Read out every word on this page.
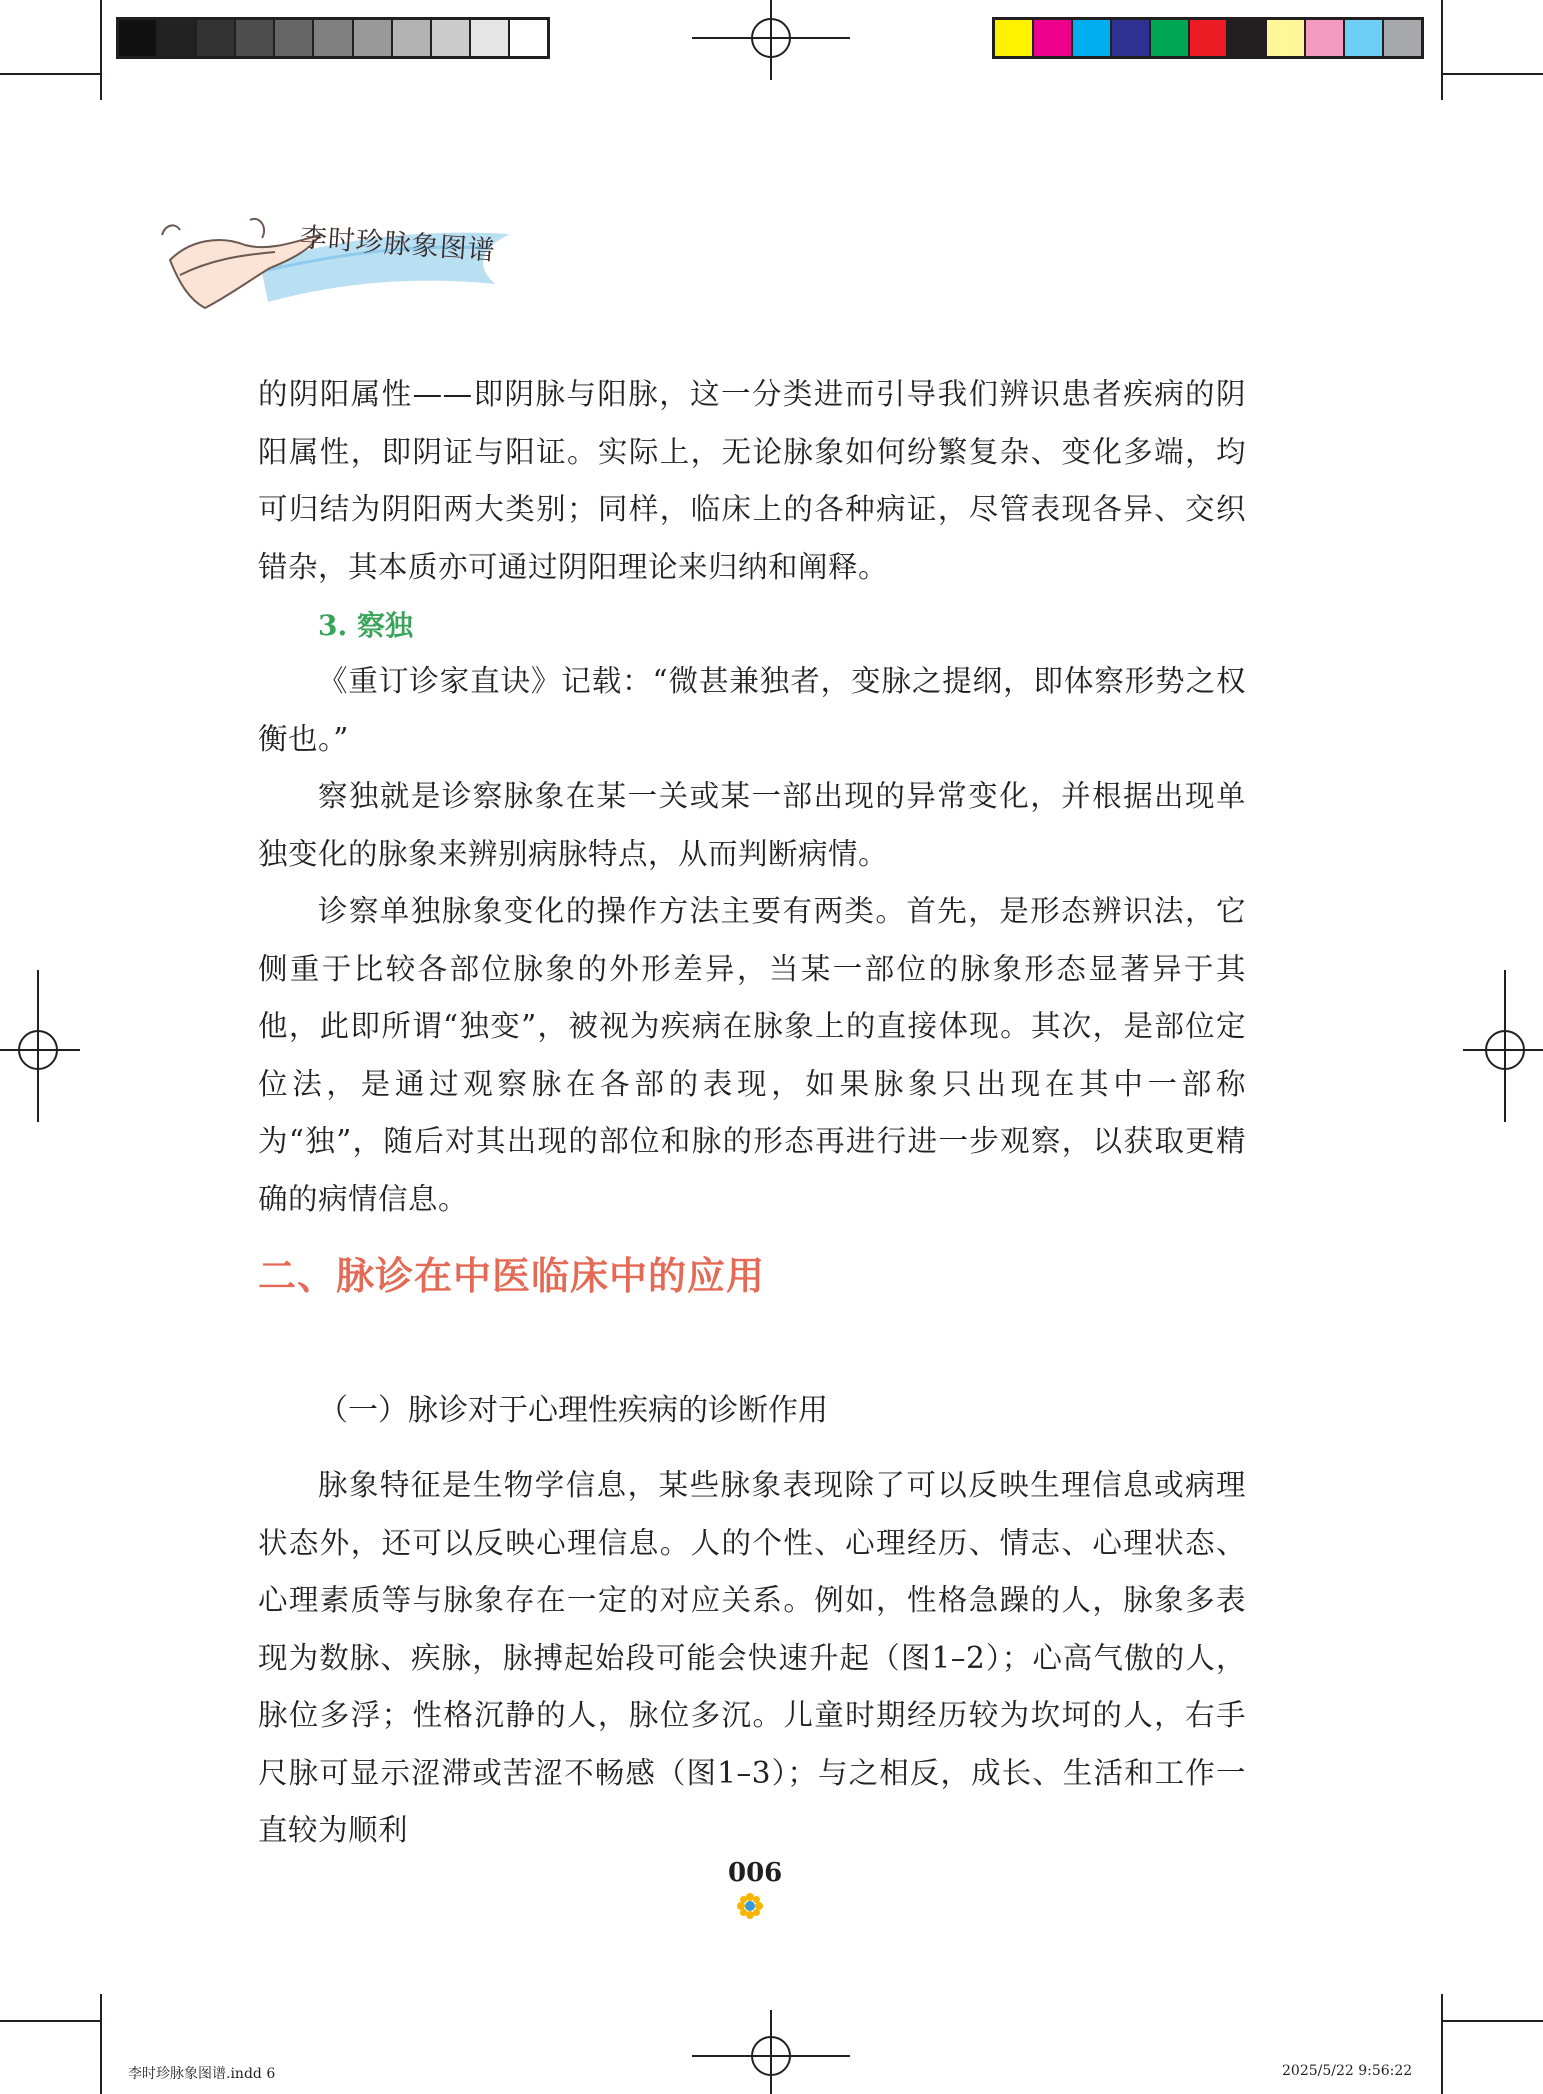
李时珍脉象图谱

的阴阳属性——即阴脉与阳脉，这一分类进而引导我们辨识患者疾病的阴阳属性，即阴证与阳证。实际上，无论脉象如何纷繁复杂、变化多端，均可归结为阴阳两大类别；同样，临床上的各种病证，尽管表现各异、交织错杂，其本质亦可通过阴阳理论来归纳和阐释。

3. 察独

《重订诊家直诀》记载：“微甚兼独者，变脉之提纲，即体察形势之权衡也。”

察独就是诊察脉象在某一关或某一部出现的异常变化，并根据出现单独变化的脉象来辨别病脉特点，从而判断病情。

诊察单独脉象变化的操作方法主要有两类。首先，是形态辨识法，它侧重于比较各部位脉象的外形差异，当某一部位的脉象形态显著异于其他，此即所谓“独变”，被视为疾病在脉象上的直接体现。其次，是部位定位法，是通过观察脉在各部的表现，如果脉象只出现在其中一部称为“独”，随后对其出现的部位和脉的形态再进行进一步观察，以获取更精确的病情信息。

二、脉诊在中医临床中的应用
（一）脉诊对于心理性疾病的诊断作用

脉象特征是生物学信息，某些脉象表现除了可以反映生理信息或病理状态外，还可以反映心理信息。人的个性、心理经历、情志、心理状态、心理素质等与脉象存在一定的对应关系。例如，性格急躁的人，脉象多表现为数脉、疾脉，脉搏起始段可能会快速升起（图1–2）；心高气傲的人，脉位多浮；性格沉静的人，脉位多沉。儿童时期经历较为坎坷的人，右手尺脉可显示涩滞或苦涩不畅感（图1–3）；与之相反，成长、生活和工作一直较为顺利

006
李时珍脉象图谱.indd 6	2025/5/22 9:56:22
